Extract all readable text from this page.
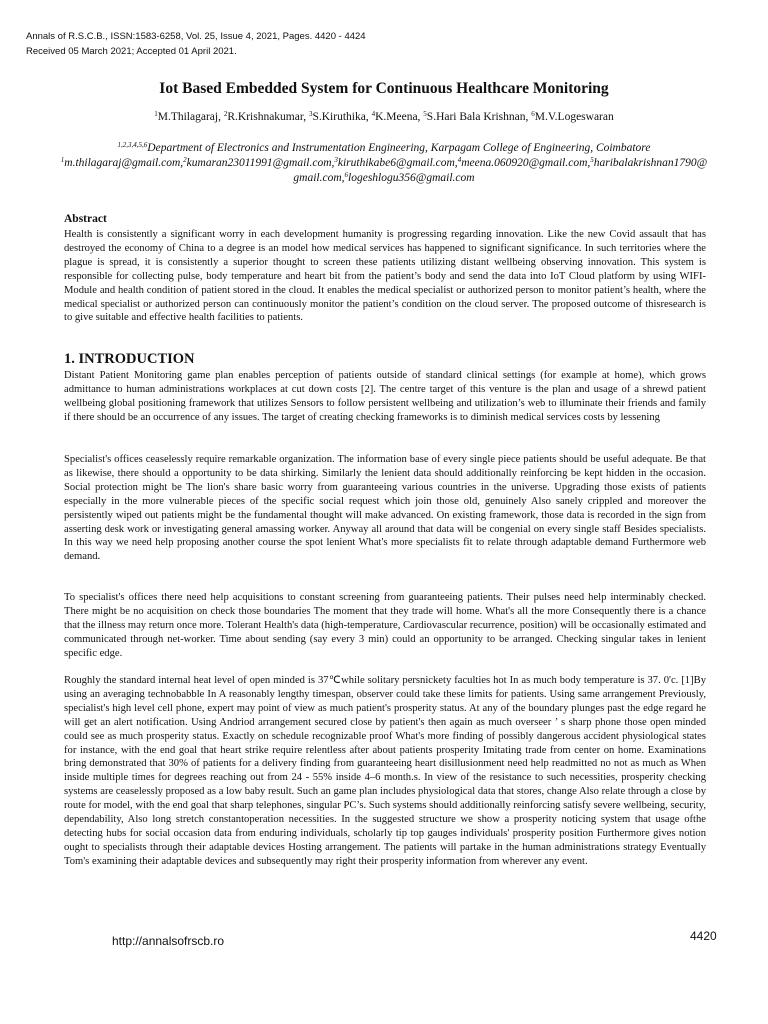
Annals of R.S.C.B., ISSN:1583-6258, Vol. 25, Issue 4, 2021, Pages. 4420 - 4424
Received 05 March 2021; Accepted 01 April 2021.
Iot Based Embedded System for Continuous Healthcare Monitoring
$^1$M.Thilagaraj, $^2$R.Krishnakumar, $^3$S.Kiruthika, $^4$K.Meena, $^5$S.Hari Bala Krishnan, $^6$M.V.Logeswaran
$^{1,2,3,4,5,6}$Department of Electronics and Instrumentation Engineering, Karpagam College of Engineering, Coimbatore
$^1$m.thilagaraj@gmail.com,$^2$kumaran23011991@gmail.com,$^3$kiruthikabe6@gmail.com,$^4$meena.060920@gmail.com,$^5$haribalakrishnan1790@gmail.com,$^6$logeshlogu356@gmail.com
Abstract

Health is consistently a significant worry in each development humanity is progressing regarding innovation. Like the new Covid assault that has destroyed the economy of China to a degree is an model how medical services has happened to significant significance. In such territories where the plague is spread, it is consistently a superior thought to screen these patients utilizing distant wellbeing observing innovation. This system is responsible for collecting pulse, body temperature and heart bit from the patient’s body and send the data into IoT Cloud platform by using WIFI-Module and health condition of patient stored in the cloud. It enables the medical specialist or authorized person to monitor patient’s health, where the medical specialist or authorized person can continuously monitor the patient’s condition on the cloud server. The proposed outcome of thisresearch is to give suitable and effective health facilities to patients.

1. INTRODUCTION

Distant Patient Monitoring game plan enables perception of patients outside of standard clinical settings (for example at home), which grows admittance to human administrations workplaces at cut down costs [2]. The centre target of this venture is the plan and usage of a shrewd patient wellbeing global positioning framework that utilizes Sensors to follow persistent wellbeing and utilization’s web to illuminate their friends and family if there should be an occurrence of any issues. The target of creating checking frameworks is to diminish medical services costs by lessening

Specialist's offices ceaselessly require remarkable organization. The information base of every single piece patients should be useful adequate. Be that as likewise, there should a opportunity to be data shirking. Similarly the lenient data should additionally reinforcing be kept hidden in the occasion. Social protection might be The lion's share basic worry from guaranteeing various countries in the universe. Upgrading those exists of patients especially in the more vulnerable pieces of the specific social request which join those old, genuinely Also sanely crippled and moreover the persistently wiped out patients might be the fundamental thought will make advanced. On existing framework, those data is recorded in the sign from asserting desk work or investigating general amassing worker. Anyway all around that data will be congenial on every single staff Besides specialists. In this way we need help proposing another course the spot lenient What's more specialists fit to relate through adaptable demand Furthermore web demand.

To specialist's offices there need help acquisitions to constant screening from guaranteeing patients. Their pulses need help interminably checked. There might be no acquisition on check those boundaries The moment that they trade will home. What's all the more Consequently there is a chance that the illness may return once more. Tolerant Health's data (high-temperature, Cardiovascular recurrence, position) will be occasionally estimated and communicated through net-worker. Time about sending (say every 3 min) could an opportunity to be arranged. Checking singular takes in lenient specific edge.

Roughly the standard internal heat level of open minded is 37℃while solitary persnickety faculties hot In as much body temperature is 37. 0'c. [1]By using an averaging technobabble In A reasonably lengthy timespan, observer could take these limits for patients. Using same arrangement Previously, specialist's high level cell phone, expert may point of view as much patient's prosperity status. At any of the boundary plunges past the edge regard he will get an alert notification. Using Andriod arrangement secured close by patient's then again as much overseer ’ s sharp phone those open minded could see as much prosperity status. Exactly on schedule recognizable proof What's more finding of possibly dangerous accident physiological states for instance, with the end goal that heart strike require relentless after about patients prosperity Imitating trade from center on home. Examinations bring demonstrated that 30% of patients for a delivery finding from guaranteeing heart disillusionment need help readmitted no not as much as When inside multiple times for degrees reaching out from 24 - 55% inside 4–6 month.s. In view of the resistance to such necessities, prosperity checking systems are ceaselessly proposed as a low baby result. Such an game plan includes physiological data that stores, change Also relate through a close by route for model, with the end goal that sharp telephones, singular PC’s. Such systems should additionally reinforcing satisfy severe wellbeing, security, dependability, Also long stretch constantoperation necessities. In the suggested structure we show a prosperity noticing system that usage ofthe detecting hubs for social occasion data from enduring individuals, scholarly tip top gauges individuals' prosperity position Furthermore gives notion ought to specialists through their adaptable devices Hosting arrangement. The patients will partake in the human administrations strategy Eventually Tom's examining their adaptable devices and subsequently may right their prosperity information from wherever any event.

http://annalsofrscb.ro	4420
